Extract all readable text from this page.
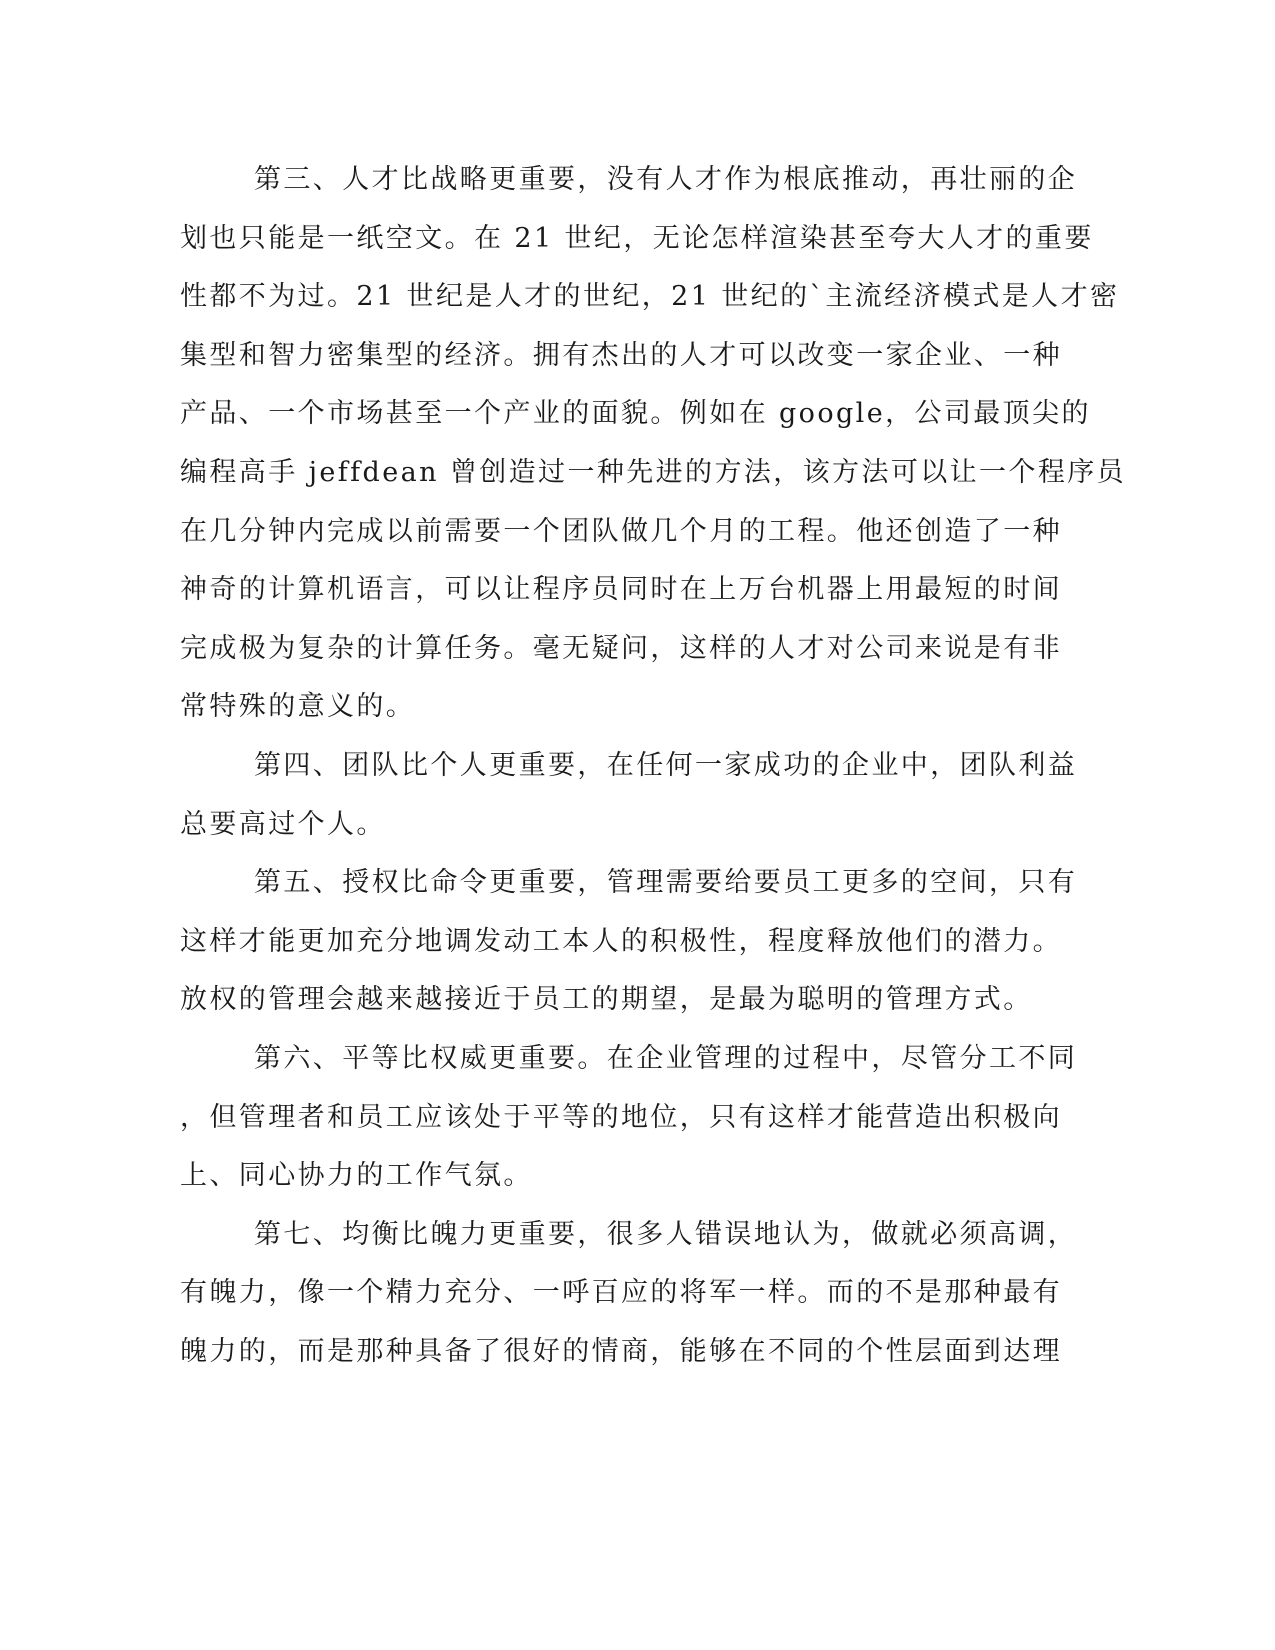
第三、人才比战略更重要，没有人才作为根底推动，再壮丽的企
划也只能是一纸空文。在 21 世纪，无论怎样渲染甚至夸大人才的重要
性都不为过。21 世纪是人才的世纪，21 世纪的`主流经济模式是人才密
集型和智力密集型的经济。拥有杰出的人才可以改变一家企业、一种
产品、一个市场甚至一个产业的面貌。例如在 google，公司最顶尖的
编程高手 jeffdean 曾创造过一种先进的方法，该方法可以让一个程序员
在几分钟内完成以前需要一个团队做几个月的工程。他还创造了一种
神奇的计算机语言，可以让程序员同时在上万台机器上用最短的时间
完成极为复杂的计算任务。毫无疑问，这样的人才对公司来说是有非
常特殊的意义的。
第四、团队比个人更重要，在任何一家成功的企业中，团队利益
总要高过个人。
第五、授权比命令更重要，管理需要给要员工更多的空间，只有
这样才能更加充分地调发动工本人的积极性，程度释放他们的潜力。
放权的管理会越来越接近于员工的期望，是最为聪明的管理方式。
第六、平等比权威更重要。在企业管理的过程中，尽管分工不同
，但管理者和员工应该处于平等的地位，只有这样才能营造出积极向
上、同心协力的工作气氛。
第七、均衡比魄力更重要，很多人错误地认为，做就必须高调，
有魄力，像一个精力充分、一呼百应的将军一样。而的不是那种最有
魄力的，而是那种具备了很好的情商，能够在不同的个性层面到达理
